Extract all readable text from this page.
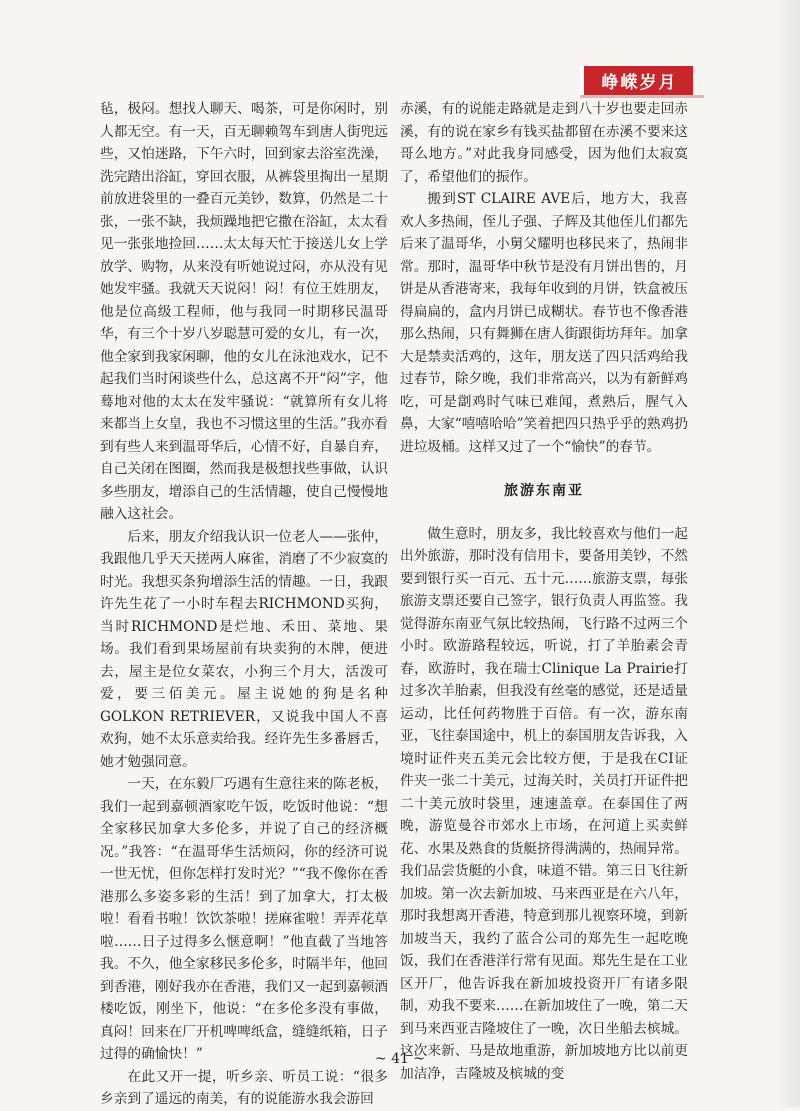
峥嵘岁月

毡，极闷。想找人聊天、喝茶，可是你闲时，别人都无空。有一天，百无聊赖驾车到唐人街兜远些，又怕迷路，下午六时，回到家去浴室洗澡，洗完踏出浴缸，穿回衣服，从裤袋里掏出一星期前放进袋里的一叠百元美钞，数算，仍然是二十张，一张不缺，我烦躁地把它撒在浴缸，太太看见一张张地捡回……太太每天忙于接送儿女上学放学、购物，从来没有听她说过闷，亦从没有见她发牢骚。我就天天说闷！闷！有位王姓朋友，他是位高级工程师，他与我同一时期移民温哥华，有三个十岁八岁聪慧可爱的女儿，有一次，他全家到我家闲聊，他的女儿在泳池戏水，记不起我们当时闲谈些什么，总这离不开“闷”字，他蓦地对他的太太在发牢骚说：“就算所有女儿将来都当上女皇，我也不习惯这里的生活。”我亦看到有些人来到温哥华后，心情不好，自暴自弃，自己关闭在图圈，然而我是极想找些事做，认识多些朋友，增添自己的生活情趣，使自己慢慢地融入这社会。

后来，朋友介绍我认识一位老人——张仲，我跟他几乎天天搓两人麻雀，消磨了不少寂寞的时光。我想买条狗增添生活的情趣。一日，我跟许先生花了一小时车程去RICHMOND买狗，当时RICHMOND是烂地、禾田、菜地、果场。我们看到果场屋前有块卖狗的木牌，便进去，屋主是位女菜农，小狗三个月大，活泼可爱，要三佰美元。屋主说她的狗是名种GOLKON RETRIEVER，又说我中国人不喜欢狗，她不太乐意卖给我。经许先生多番唇舌，她才勉强同意。

一天，在东毅厂巧遇有生意往来的陈老板，我们一起到嘉顿酒家吃午饭，吃饭时他说：“想全家移民加拿大多伦多，并说了自己的经济概况。”我答：“在温哥华生活烦闷，你的经济可说一世无忧，但你怎样打发时光？”“我不像你在香港那么多姿多彩的生活！到了加拿大，打太极啦！看看书啦！饮饮茶啦！搓麻雀啦！弄弄花草啦……日子过得多么惬意啊！”他直截了当地答我。不久，他全家移民多伦多，时隔半年，他回到香港，刚好我亦在香港，我们又一起到嘉顿酒楼吃饭，刚坐下，他说：“在多伦多没有事做，真闷！回来在厂开机啤啤纸盒，缝缝纸箱，日子过得的确愉快！”

在此又开一提，听乡亲、听员工说：“很多乡亲到了遥远的南美，有的说能游水我会游回

赤溪，有的说能走路就是走到八十岁也要走回赤溪，有的说在家乡有钱买盐都留在赤溪不要来这哥么地方。”对此我身同感受，因为他们太寂寞了，希望他们的振作。

搬到ST CLAIRE AVE后，地方大，我喜欢人多热闹，侄儿子强、子辉及其他侄儿们都先后来了温哥华，小舅父耀明也移民来了，热闹非常。那时，温哥华中秋节是没有月饼出售的，月饼是从香港寄来，我每年收到的月饼，铁盒被压得扁扁的，盒内月饼已成糊状。春节也不像香港那么热闹，只有舞狮在唐人街跟街坊拜年。加拿大是禁卖活鸡的，这年，朋友送了四只活鸡给我过春节，除夕晚，我们非常高兴，以为有新鲜鸡吃，可是劏鸡时气味已难闻，煮熟后，腥气入鼻，大家“嘻嘻哈哈”笑着把四只热乎乎的熟鸡扔进垃圾桶。这样又过了一个“愉快”的春节。

旅游东南亚

做生意时，朋友多，我比较喜欢与他们一起出外旅游，那时没有信用卡，要备用美钞，不然要到银行买一百元、五十元……旅游支票，每张旅游支票还要自己签字，银行负责人再监签。我觉得游东南亚气氛比较热闹，飞行路不过两三个小时。欧游路程较远，听说，打了羊胎素会青春，欧游时，我在瑞士Clinique La Prairie打过多次羊胎素，但我没有丝毫的感觉，还是适量运动，比任何药物胜于百倍。有一次，游东南亚，飞往泰国途中，机上的泰国朋友告诉我，入境时证件夹五美元会比较方便，于是我在CI证件夹一张二十美元，过海关时，关员打开证件把二十美元放时袋里，速速盖章。在泰国住了两晚，游览曼谷市郊水上市场，在河道上买卖鲜花、水果及熟食的货艇挤得满满的，热闹异常。我们品尝货艇的小食，味道不错。第三日飞往新加坡。第一次去新加坡、马来西亚是在六八年，那时我想离开香港，特意到那儿视察环境，到新加坡当天，我约了蓝合公司的郑先生一起吃晚饭，我们在香港洋行常有见面。郑先生是在工业区开厂，他告诉我在新加坡投资开厂有诸多限制，劝我不要来……在新加坡住了一晚，第二天到马来西亚吉隆坡住了一晚，次日坐船去槟城。这次来新、马是故地重游，新加坡地方比以前更加洁净，吉隆坡及槟城的变

~ 41 ~
